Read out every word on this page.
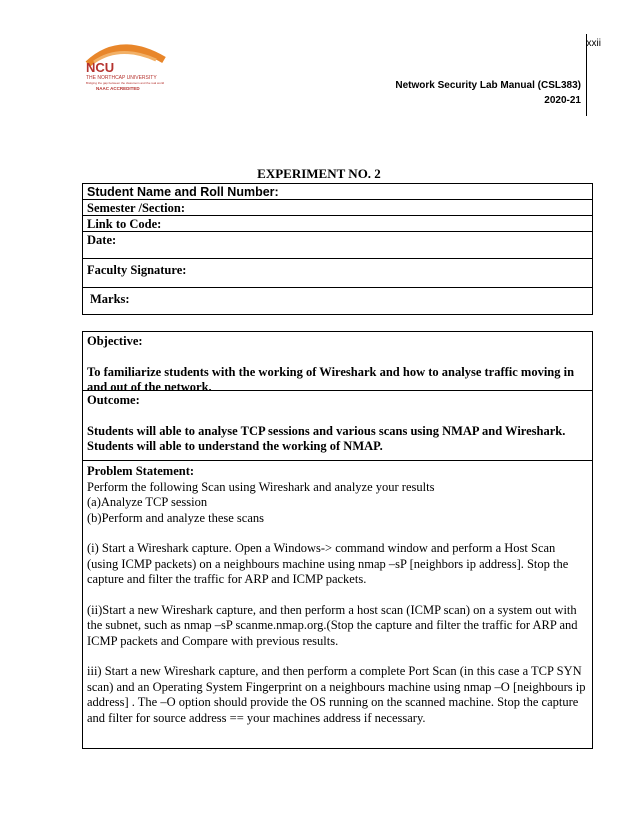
xxii
Network Security Lab Manual (CSL383)
2020-21
NCU
THE NORTHCAP UNIVERSITY
Bridging the gap between the classroom and the real world
NAAC ACCREDITED
EXPERIMENT NO. 2
Student Name and Roll Number:
Semester /Section:
Link to Code:
Date:
Faculty Signature:
Marks:

Objective:

To familiarize students with the working of Wireshark and how to analyse traffic moving in and out of the network.

Outcome:

Students will able to analyse TCP sessions and various scans using NMAP and Wireshark.

Students will able to understand the working of NMAP.

Problem Statement:

Perform the following Scan using Wireshark and analyze your results

(a)Analyze TCP session

(b)Perform and analyze these scans

(i) Start a Wireshark capture. Open a Windows-> command window and perform a Host Scan (using ICMP packets) on a neighbours machine using nmap –sP [neighbors ip address]. Stop the capture and filter the traffic for ARP and ICMP packets.

(ii)Start a new Wireshark capture, and then perform a host scan (ICMP scan) on a system out with the subnet, such as nmap –sP scanme.nmap.org.(Stop the capture and filter the traffic for ARP and ICMP packets and Compare with previous results.

iii) Start a new Wireshark capture, and then perform a complete Port Scan (in this case a TCP SYN scan) and an Operating System Fingerprint on a neighbours machine using nmap –O [neighbours ip address] . The –O option should provide the OS running on the scanned machine. Stop the capture and filter for source address == your machines address if necessary.
